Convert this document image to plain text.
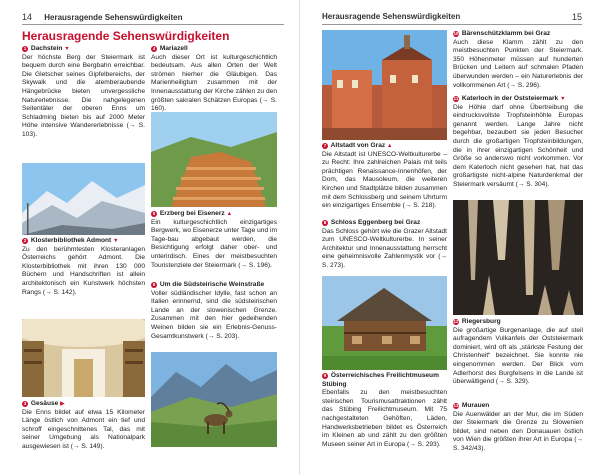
14 Herausragende Sehenswürdigkeiten
Herausragende Sehenswürdigkeiten
1 Dachstein ▼
Der höchste Berg der Steiermark ist bequem durch eine Bergbahn erreichbar. Die Gletscher seines Gipfelbereichs, der Skywalk und die atemberaubende Hängebrücke bieten unvergessliche Naturerlebnisse. Die nahgelegenen Seitentäler der oberen Enns um Schladming bieten bis auf 2000 Meter Höhe intensive Wandererlebnisse (→ S. 103).
2 Klosterbibliothek Admont ▼
Zu den berühmtesten Klosteranlagen Österreichs gehört Admont. Die Klosterbibliothek mit ihren 130 000 Büchern und Handschriften ist allein architektonisch ein Kunstwerk höchsten Rangs (→ S. 142).
3 Gesäuse ▶
Die Enns bildet auf etwa 15 Kilometer Länge östlich von Admont ein tief und schroff eingeschnittenes Tal, das mit seiner Umgebung als Nationalpark ausgewiesen ist (→ S. 149).
4 Mariazell
Auch dieser Ort ist kulturgeschichtlich bedeutsam. Aus allen Orten der Welt strömen hierher die Gläubigen. Das Marienheiligtum zusammen mit der Innenausstattung der Kirche zählen zu den größten sakralen Schätzen Europas (→ S. 160).
5 Erzberg bei Eisenerz ▲
Ein kulturgeschichtlich einzigartiges Bergwerk, wo Eisenerze unter Tage und im Tage-bau abgebaut werden, die Besichtigung erfolgt daher ober- und unterirdisch. Eines der meistbesuchten Touristenziele der Steiermark (→ S. 196).
6 Um die Südsteirische Weinstraße
Voller südländischer Idylle, fast schon an Italien erinnernd, sind die südsteirischen Lande an der slowenischen Grenze. Zusammen mit den hier gedeihenden Weinen bilden sie ein Erlebnis-Genuss-Gesamtkunstwerk (→ S. 203).
Herausragende Sehenswürdigkeiten	15
7 Altstadt von Graz ▲
Die Altstadt ist UNESCO-Weltkulturerbe – zu Recht: Ihre zahlreichen Palais mit teils prächtigen Renaissance-Innenhöfen, der Dom, das Mausoleum, die weiteren Kirchen und Stadtplätze bilden zusammen mit dem Schlossberg und seinem Uhrturm ein einzigartiges Ensemble (→ S. 218).
8 Schloss Eggenberg bei Graz
Das Schloss gehört wie die Grazer Altstadt zum UNESCO-Weltkulturerbe. In seiner Architektur und Innenausstattung herrscht eine geheimnisvolle Zahlenmystik vor (→ S. 273).
9 Österreichisches Freilichtmuseum Stübing
Ebenfalls zu den meistbesuchten steirischen Tourismusattraktionen zählt das Stübing Freilichtmuseum. Mit 75 nachgestalteten Gehöften, Läden, Handwerksbetrieben bildet es Österreich im Kleinen ab und zählt zu den größten Museen seiner Art in Europa (→ S. 293).
10 Bärenschützklamm bei Graz
Auch diese Klamm zählt zu den meistbesuchten Punkten der Steiermark. 350 Höhenmeter müssen auf hunderten Brücken und Leitern auf schmalen Pfaden überwunden werden – ein Naturerlebnis der vollkommenen Art (→ S. 296).
11 Katerloch in der Oststeiermark ▼
Die Höhle darf ohne Übertreibung die eindrucksvollste Tropfsteinhöhle Europas genannt werden. Lange Jahre nicht begehbar, bezaubert sie jeden Besucher durch die großartigen Tropfsteinbildungen, die in ihrer einzigartigen Schönheit und Größe so anderswo nicht vorkommen. Vor dem Katerloch nicht gesehen hat, hat das großartigste nicht-alpine Naturdenkmal der Steiermark versäumt (→ S. 304).
12 Riegersburg
Die großartige Burgenanlage, die auf steil aufragendem Vulkanfels der Oststeiermark dominiert, wird oft als „stärkste Festung der Christenheit“ bezeichnet. Sie konnte nie eingenommen werden. Der Blick vom Adlerhorst des Burgfelsens in die Lande ist überwältigend (→ S. 329).
13 Murauen
Die Auenwälder an der Mur, die im Süden der Steiermark die Grenze zu Slowenien bildet, sind neben den Donauauen östlich von Wien die größten ihrer Art in Europa (→ S. 342/43).
